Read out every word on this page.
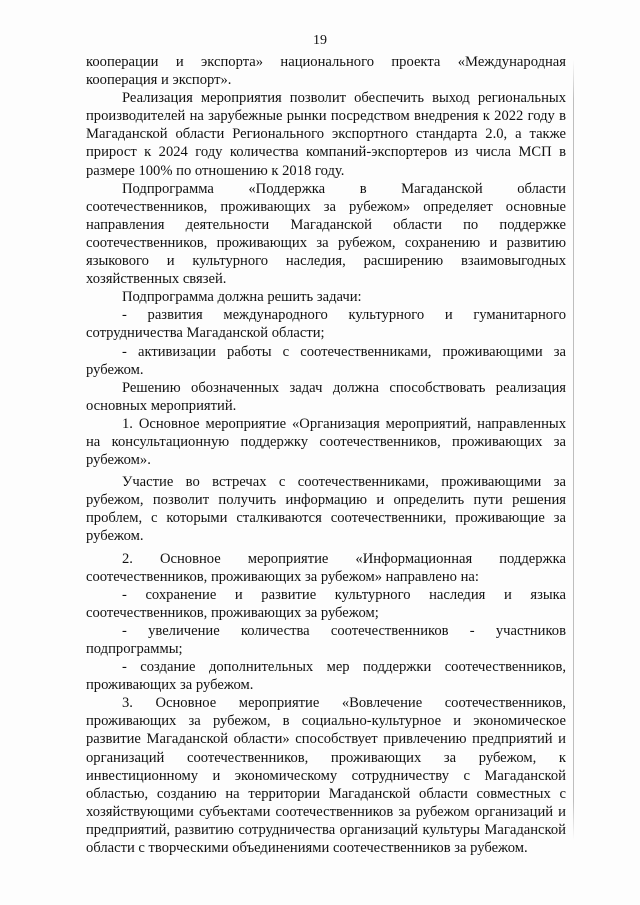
19

кооперации и экспорта» национального проекта «Международная кооперация и экспорт».

Реализация мероприятия позволит обеспечить выход региональных производителей на зарубежные рынки посредством внедрения к 2022 году в Магаданской области Регионального экспортного стандарта 2.0, а также прирост к 2024 году количества компаний-экспортеров из числа МСП в размере 100% по отношению к 2018 году.

Подпрограмма «Поддержка в Магаданской области соотечественников, проживающих за рубежом» определяет основные направления деятельности Магаданской области по поддержке соотечественников, проживающих за рубежом, сохранению и развитию языкового и культурного наследия, расширению взаимовыгодных хозяйственных связей.

Подпрограмма должна решить задачи:

- развития международного культурного и гуманитарного сотрудничества Магаданской области;

- активизации работы с соотечественниками, проживающими за рубежом.

Решению обозначенных задач должна способствовать реализация основных мероприятий.

1. Основное мероприятие «Организация мероприятий, направленных на консультационную поддержку соотечественников, проживающих за рубежом».

Участие во встречах с соотечественниками, проживающими за рубежом, позволит получить информацию и определить пути решения проблем, с которыми сталкиваются соотечественники, проживающие за рубежом.

2. Основное мероприятие «Информационная поддержка соотечественников, проживающих за рубежом» направлено на:

- сохранение и развитие культурного наследия и языка соотечественников, проживающих за рубежом;

- увеличение количества соотечественников - участников подпрограммы;

- создание дополнительных мер поддержки соотечественников, проживающих за рубежом.

3. Основное мероприятие «Вовлечение соотечественников, проживающих за рубежом, в социально-культурное и экономическое развитие Магаданской области» способствует привлечению предприятий и организаций соотечественников, проживающих за рубежом, к инвестиционному и экономическому сотрудничеству с Магаданской областью, созданию на территории Магаданской области совместных с хозяйствующими субъектами соотечественников за рубежом организаций и предприятий, развитию сотрудничества организаций культуры Магаданской области с творческими объединениями соотечественников за рубежом.
